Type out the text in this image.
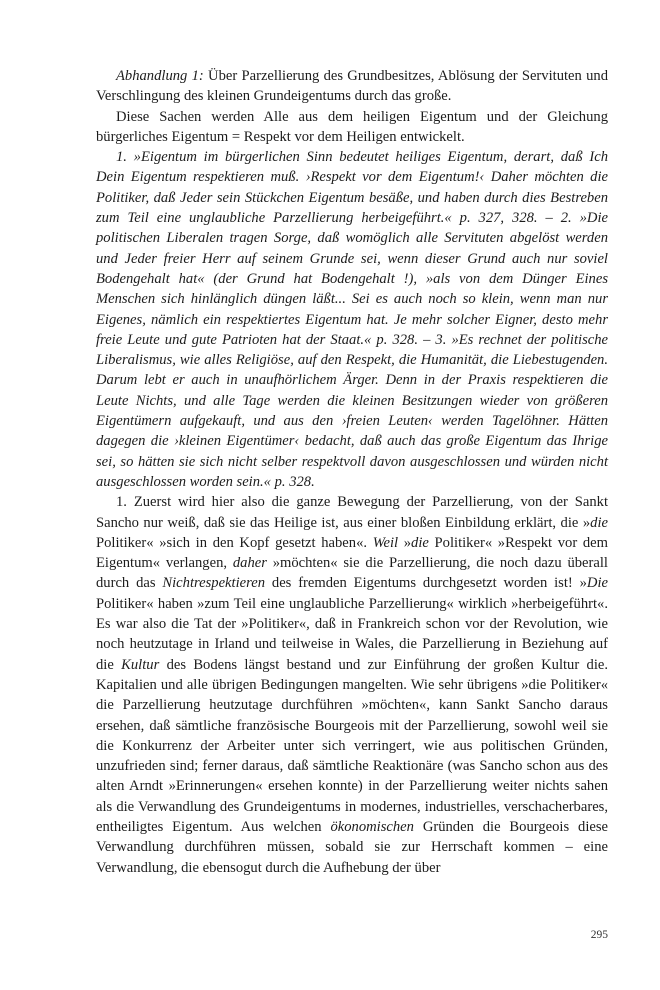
Abhandlung 1: Über Parzellierung des Grundbesitzes, Ablösung der Servituten und Verschlingung des kleinen Grundeigentums durch das große.

Diese Sachen werden Alle aus dem heiligen Eigentum und der Gleichung bürgerliches Eigentum = Respekt vor dem Heiligen entwickelt.

1. »Eigentum im bürgerlichen Sinn bedeutet heiliges Eigentum, derart, daß Ich Dein Eigentum respektieren muß. ›Respekt vor dem Eigentum!‹ Daher möchten die Politiker, daß Jeder sein Stückchen Eigentum besäße, und haben durch dies Bestreben zum Teil eine unglaubliche Parzellierung herbeigeführt.« p. 327, 328. – 2. »Die politischen Liberalen tragen Sorge, daß womöglich alle Servituten abgelöst werden und Jeder freier Herr auf seinem Grunde sei, wenn dieser Grund auch nur soviel Bodengehalt hat« (der Grund hat Bodengehalt !), »als von dem Dünger Eines Menschen sich hinlänglich düngen läßt... Sei es auch noch so klein, wenn man nur Eigenes, nämlich ein respektiertes Eigentum hat. Je mehr solcher Eigner, desto mehr freie Leute und gute Patrioten hat der Staat.« p. 328. – 3. »Es rechnet der politische Liberalismus, wie alles Religiöse, auf den Respekt, die Humanität, die Liebestugenden. Darum lebt er auch in unaufhörlichem Ärger. Denn in der Praxis respektieren die Leute Nichts, und alle Tage werden die kleinen Besitzungen wieder von größeren Eigentümern aufgekauft, und aus den ›freien Leuten‹ werden Tagelöhner. Hätten dagegen die ›kleinen Eigentümer‹ bedacht, daß auch das große Eigentum das Ihrige sei, so hätten sie sich nicht selber respektvoll davon ausgeschlossen und würden nicht ausgeschlossen worden sein.« p. 328.

1. Zuerst wird hier also die ganze Bewegung der Parzellierung, von der Sankt Sancho nur weiß, daß sie das Heilige ist, aus einer bloßen Einbildung erklärt, die »die Politiker« »sich in den Kopf gesetzt haben«. Weil »die Politiker« »Respekt vor dem Eigentum« verlangen, daher »möchten« sie die Parzellierung, die noch dazu überall durch das Nichtrespektieren des fremden Eigentums durchgesetzt worden ist! »Die Politiker« haben »zum Teil eine unglaubliche Parzellierung« wirklich »herbeigeführt«. Es war also die Tat der »Politiker«, daß in Frankreich schon vor der Revolution, wie noch heutzutage in Irland und teilweise in Wales, die Parzellierung in Beziehung auf die Kultur des Bodens längst bestand und zur Einführung der großen Kultur die. Kapitalien und alle übrigen Bedingungen mangelten. Wie sehr übrigens »die Politiker« die Parzellierung heutzutage durchführen »möchten«, kann Sankt Sancho daraus ersehen, daß sämtliche französische Bourgeois mit der Parzellierung, sowohl weil sie die Konkurrenz der Arbeiter unter sich verringert, wie aus politischen Gründen, unzufrieden sind; ferner daraus, daß sämtliche Reaktionäre (was Sancho schon aus des alten Arndt »Erinnerungen« ersehen konnte) in der Parzellierung weiter nichts sahen als die Verwandlung des Grundeigentums in modernes, industrielles, verschacherbares, entheiligtes Eigentum. Aus welchen ökonomischen Gründen die Bourgeois diese Verwandlung durchführen müssen, sobald sie zur Herrschaft kommen – eine Verwandlung, die ebensogut durch die Aufhebung der über

295
